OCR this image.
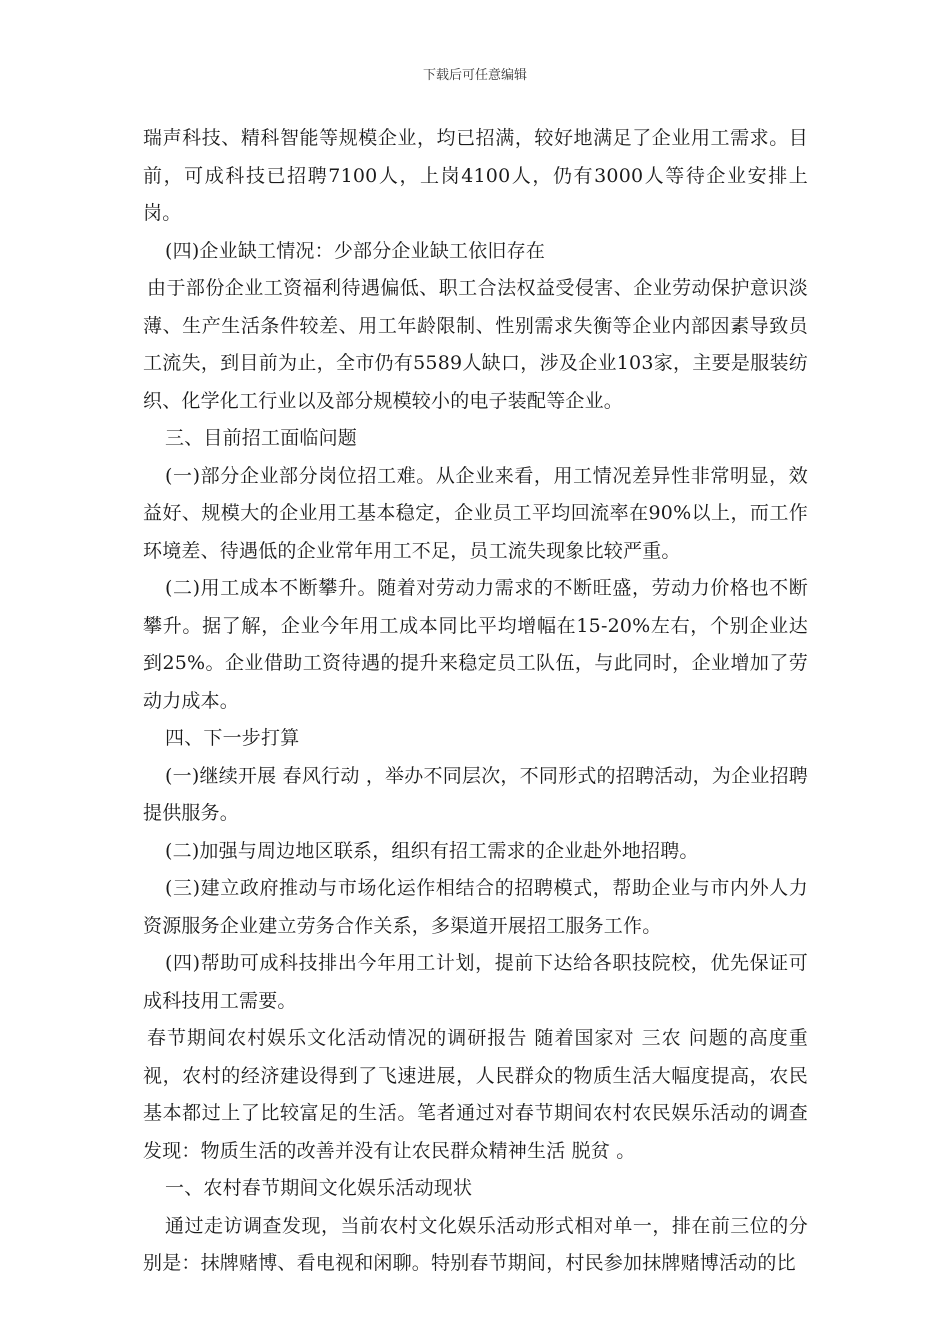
下载后可任意编辑

瑞声科技、精科智能等规模企业，均已招满，较好地满足了企业用工需求。目前，可成科技已招聘7100人，上岗4100人，仍有3000人等待企业安排上岗。

(四)企业缺工情况：少部分企业缺工依旧存在

由于部份企业工资福利待遇偏低、职工合法权益受侵害、企业劳动保护意识淡薄、生产生活条件较差、用工年龄限制、性别需求失衡等企业内部因素导致员工流失，到目前为止，全市仍有5589人缺口，涉及企业103家，主要是服装纺织、化学化工行业以及部分规模较小的电子装配等企业。

三、目前招工面临问题

(一)部分企业部分岗位招工难。从企业来看，用工情况差异性非常明显，效益好、规模大的企业用工基本稳定，企业员工平均回流率在90%以上，而工作环境差、待遇低的企业常年用工不足，员工流失现象比较严重。

(二)用工成本不断攀升。随着对劳动力需求的不断旺盛，劳动力价格也不断攀升。据了解，企业今年用工成本同比平均增幅在15-20%左右，个别企业达到25%。企业借助工资待遇的提升来稳定员工队伍，与此同时，企业增加了劳动力成本。

四、下一步打算

(一)继续开展 春风行动 ，举办不同层次，不同形式的招聘活动，为企业招聘提供服务。

(二)加强与周边地区联系，组织有招工需求的企业赴外地招聘。

(三)建立政府推动与市场化运作相结合的招聘模式，帮助企业与市内外人力资源服务企业建立劳务合作关系，多渠道开展招工服务工作。

(四)帮助可成科技排出今年用工计划，提前下达给各职技院校，优先保证可成科技用工需要。

春节期间农村娱乐文化活动情况的调研报告 随着国家对 三农 问题的高度重视，农村的经济建设得到了飞速进展，人民群众的物质生活大幅度提高，农民基本都过上了比较富足的生活。笔者通过对春节期间农村农民娱乐活动的调查发现：物质生活的改善并没有让农民群众精神生活 脱贫 。

一、农村春节期间文化娱乐活动现状

通过走访调查发现，当前农村文化娱乐活动形式相对单一，排在前三位的分别是：抹牌赌博、看电视和闲聊。特别春节期间，村民参加抹牌赌博活动的比
